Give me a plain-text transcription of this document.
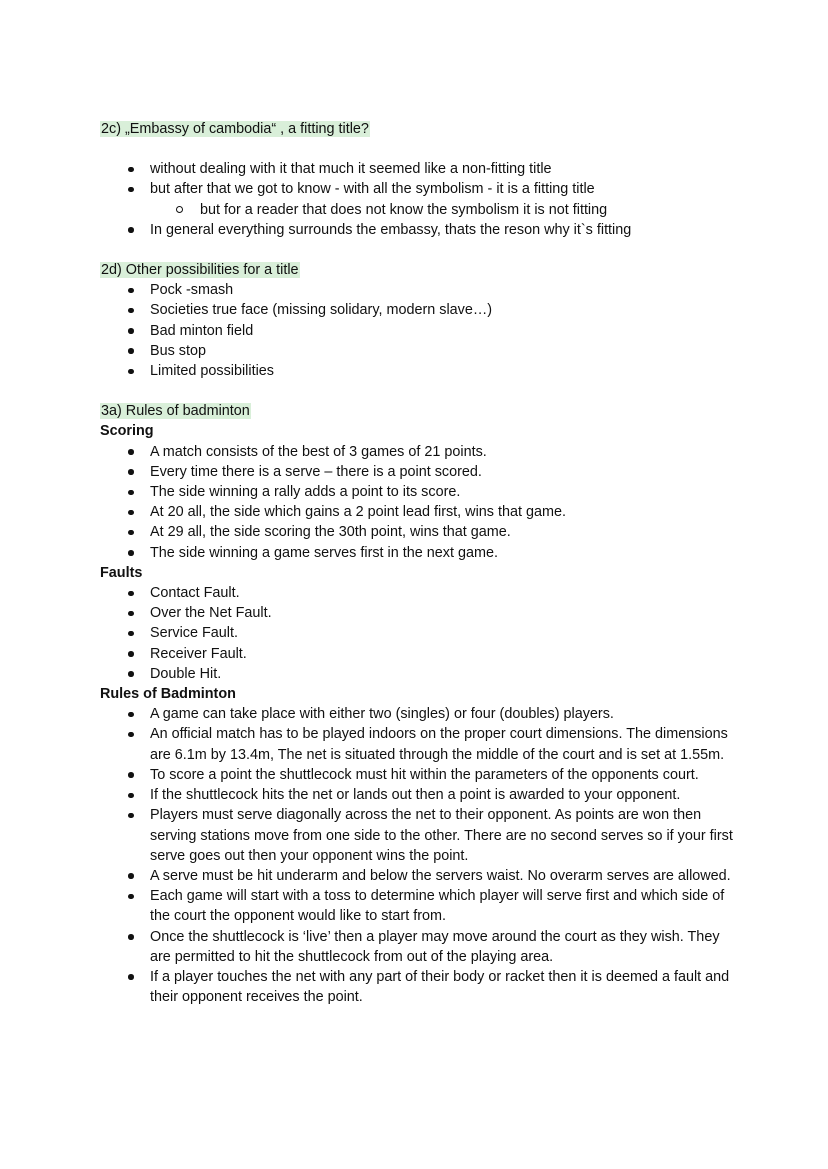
2c) „Embassy of cambodia“ , a fitting title?

without dealing with it that much it seemed like a non-fitting title
but after that we got to know - with all the symbolism - it is a fitting title
but for a reader that does not know the symbolism it is not fitting
In general everything surrounds the embassy, thats the reson why it`s fitting

2d) Other possibilities for a title

Pock -smash
Societies true face (missing solidary, modern slave…)
Bad minton field
Bus stop
Limited possibilities

3a) Rules of badminton

Scoring

A match consists of the best of 3 games of 21 points.
Every time there is a serve – there is a point scored.
The side winning a rally adds a point to its score.
At 20 all, the side which gains a 2 point lead first, wins that game.
At 29 all, the side scoring the 30th point, wins that game.
The side winning a game serves first in the next game.

Faults

Contact Fault.
Over the Net Fault.
Service Fault.
Receiver Fault.
Double Hit.

Rules of Badminton

A game can take place with either two (singles) or four (doubles) players.
An official match has to be played indoors on the proper court dimensions. The dimensions are 6.1m by 13.4m, The net is situated through the middle of the court and is set at 1.55m.
To score a point the shuttlecock must hit within the parameters of the opponents court.
If the shuttlecock hits the net or lands out then a point is awarded to your opponent.
Players must serve diagonally across the net to their opponent. As points are won then serving stations move from one side to the other. There are no second serves so if your first serve goes out then your opponent wins the point.
A serve must be hit underarm and below the servers waist. No overarm serves are allowed.
Each game will start with a toss to determine which player will serve first and which side of the court the opponent would like to start from.
Once the shuttlecock is ‘live’ then a player may move around the court as they wish. They are permitted to hit the shuttlecock from out of the playing area.
If a player touches the net with any part of their body or racket then it is deemed a fault and their opponent receives the point.
